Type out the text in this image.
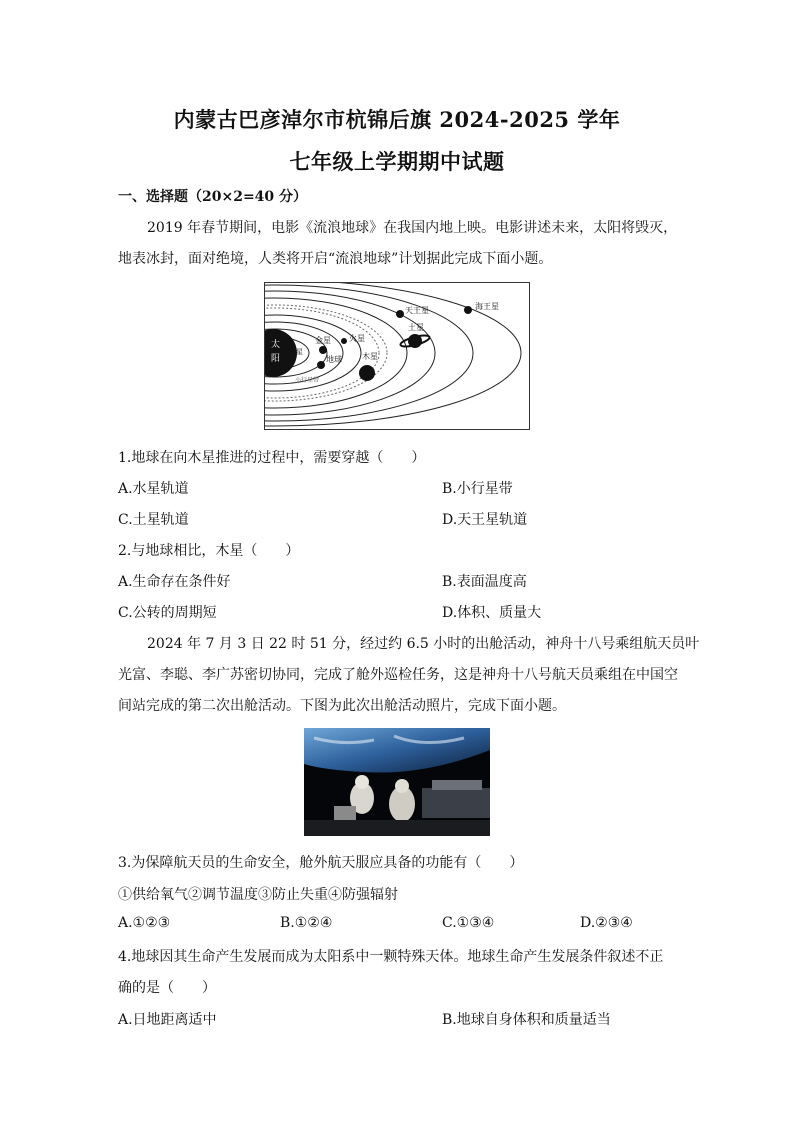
内蒙古巴彦淖尔市杭锦后旗 2024-2025 学年
七年级上学期期中试题
一、选择题（20×2=40 分）
2019 年春节期间，电影《流浪地球》在我国内地上映。电影讲述未来，太阳将毁灭，
地表冰封，面对绝境，人类将开启“流浪地球”计划据此完成下面小题。
太
阳
水星
金星
地球
火星
小行星带
木星
土星
天王星	海王星
1.地球在向木星推进的过程中，需要穿越（　　）
A.水星轨道	B.小行星带
C.土星轨道	D.天王星轨道
2.与地球相比，木星（　　）
A.生命存在条件好	B.表面温度高
C.公转的周期短	D.体积、质量大
2024 年 7 月 3 日 22 时 51 分，经过约 6.5 小时的出舱活动，神舟十八号乘组航天员叶
光富、李聪、李广苏密切协同，完成了舱外巡检任务，这是神舟十八号航天员乘组在中国空
间站完成的第二次出舱活动。下图为此次出舱活动照片，完成下面小题。
3.为保障航天员的生命安全，舱外航天服应具备的功能有（　　）
①供给氧气②调节温度③防止失重④防强辐射
A.①②③	B.①②④	C.①③④	D.②③④
4.地球因其生命产生发展而成为太阳系中一颗特殊天体。地球生命产生发展条件叙述不正
确的是（　　）
A.日地距离适中	B.地球自身体积和质量适当
